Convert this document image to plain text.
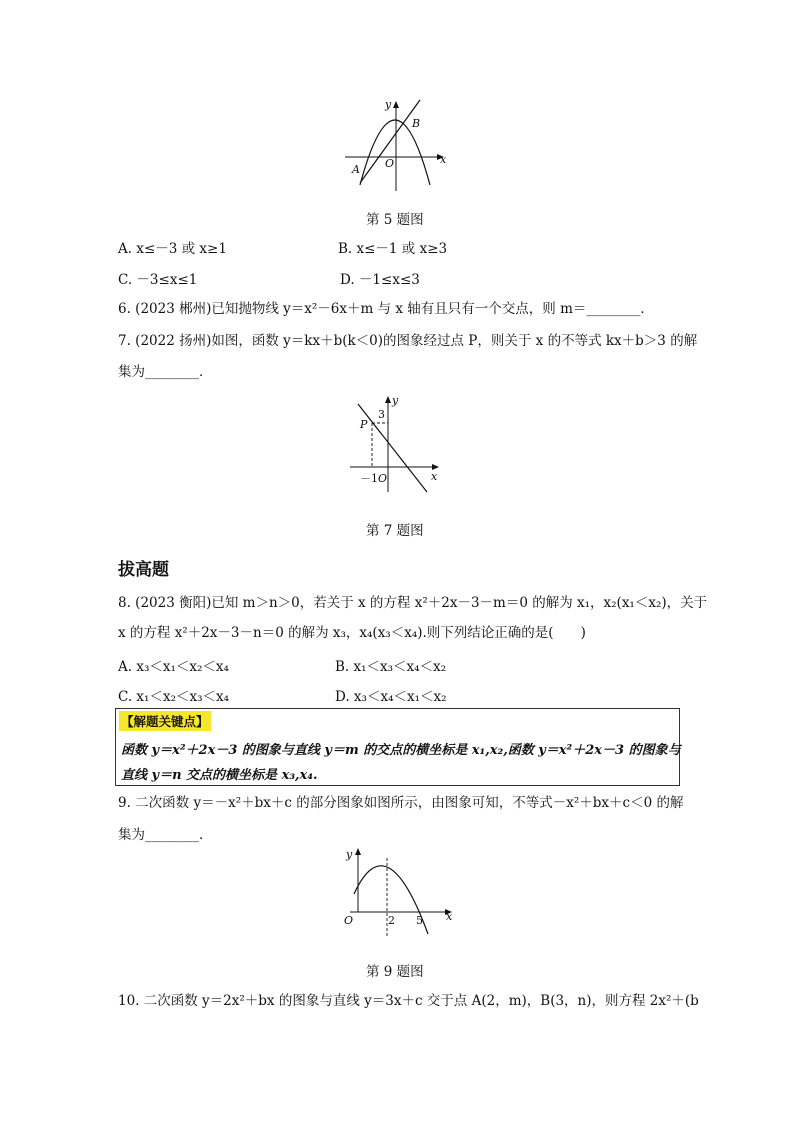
y
x
O
A
B
第 5 题图
A. x≤－3 或 x≥1	B. x≤－1 或 x≥3
C. －3≤x≤1	D. －1≤x≤3
6. (2023 郴州)已知抛物线 y＝x²－6x＋m 与 x 轴有且只有一个交点，则 m＝________．
7. (2022 扬州)如图，函数 y＝kx＋b(k＜0)的图象经过点 P，则关于 x 的不等式 kx＋b＞3 的解
集为________．
y
x
3
P
－1 O
第 7 题图
拔高题
8. (2023 衡阳)已知 m＞n＞0，若关于 x 的方程 x²＋2x－3－m＝0 的解为 x₁，x₂(x₁＜x₂)，关于
x 的方程 x²＋2x－3－n＝0 的解为 x₃，x₄(x₃＜x₄).则下列结论正确的是(　　)
A. x₃＜x₁＜x₂＜x₄	B. x₁＜x₃＜x₄＜x₂
C. x₁＜x₂＜x₃＜x₄	D. x₃＜x₄＜x₁＜x₂
【解题关键点】
函数 y＝x²＋2x－3 的图象与直线 y＝m 的交点的横坐标是 x₁,x₂,函数 y＝x²＋2x－3 的图象与
直线 y＝n 交点的横坐标是 x₃,x₄.
9. 二次函数 y＝－x²＋bx＋c 的部分图象如图所示，由图象可知，不等式－x²＋bx＋c＜0 的解
集为________．
y
x
O	2 5
第 9 题图
10. 二次函数 y＝2x²＋bx 的图象与直线 y＝3x＋c 交于点 A(2，m)，B(3，n)，则方程 2x²＋(b
